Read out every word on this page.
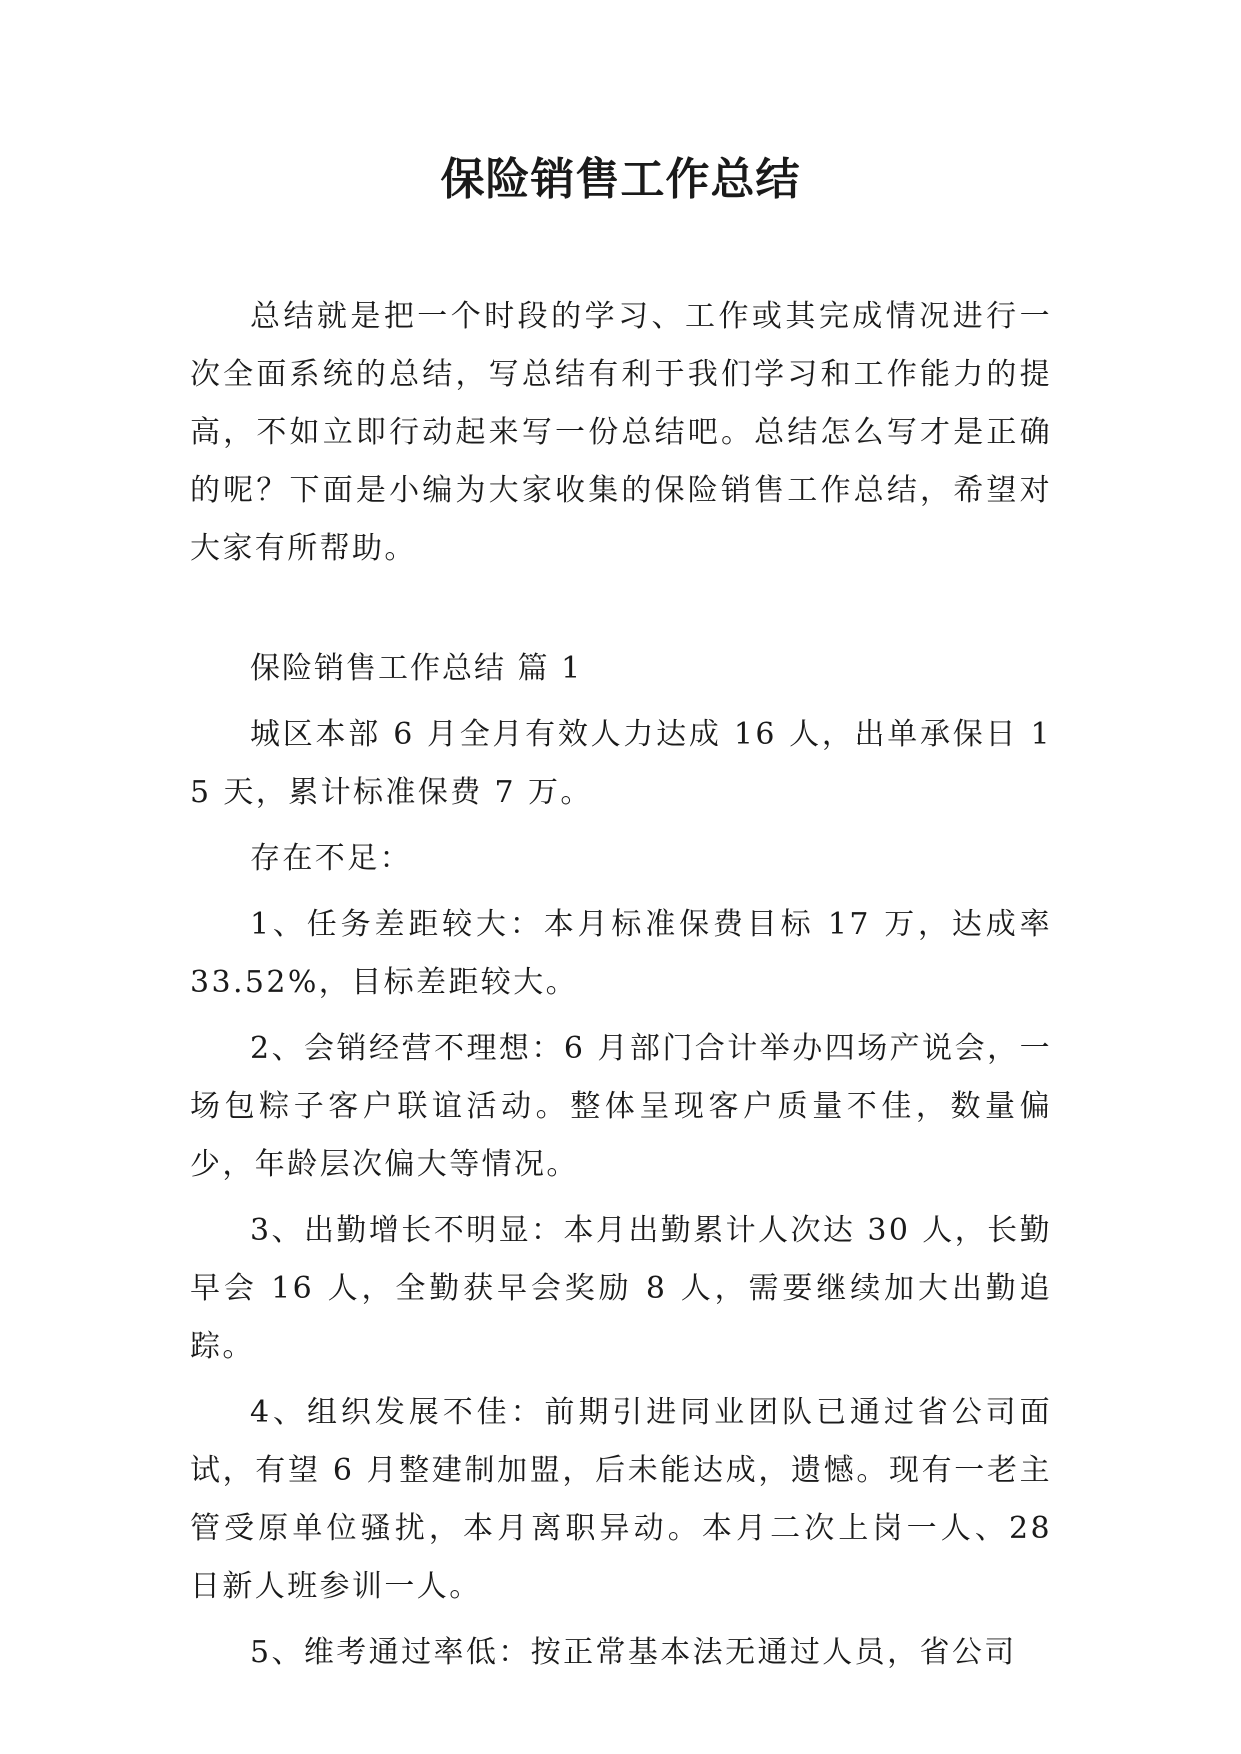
保险销售工作总结

总结就是把一个时段的学习、工作或其完成情况进行一次全面系统的总结，写总结有利于我们学习和工作能力的提高，不如立即行动起来写一份总结吧。总结怎么写才是正确的呢？下面是小编为大家收集的保险销售工作总结，希望对大家有所帮助。

保险销售工作总结 篇 1

城区本部 6 月全月有效人力达成 16 人，出单承保日 15 天，累计标准保费 7 万。

存在不足：

1、任务差距较大：本月标准保费目标 17 万，达成率 33.52%，目标差距较大。

2、会销经营不理想：6 月部门合计举办四场产说会，一场包粽子客户联谊活动。整体呈现客户质量不佳，数量偏少，年龄层次偏大等情况。

3、出勤增长不明显：本月出勤累计人次达 30 人，长勤早会 16 人，全勤获早会奖励 8 人，需要继续加大出勤追踪。

4、组织发展不佳：前期引进同业团队已通过省公司面试，有望 6 月整建制加盟，后未能达成，遗憾。现有一老主管受原单位骚扰，本月离职异动。本月二次上岗一人、28 日新人班参训一人。

5、维考通过率低：按正常基本法无通过人员，省公司
